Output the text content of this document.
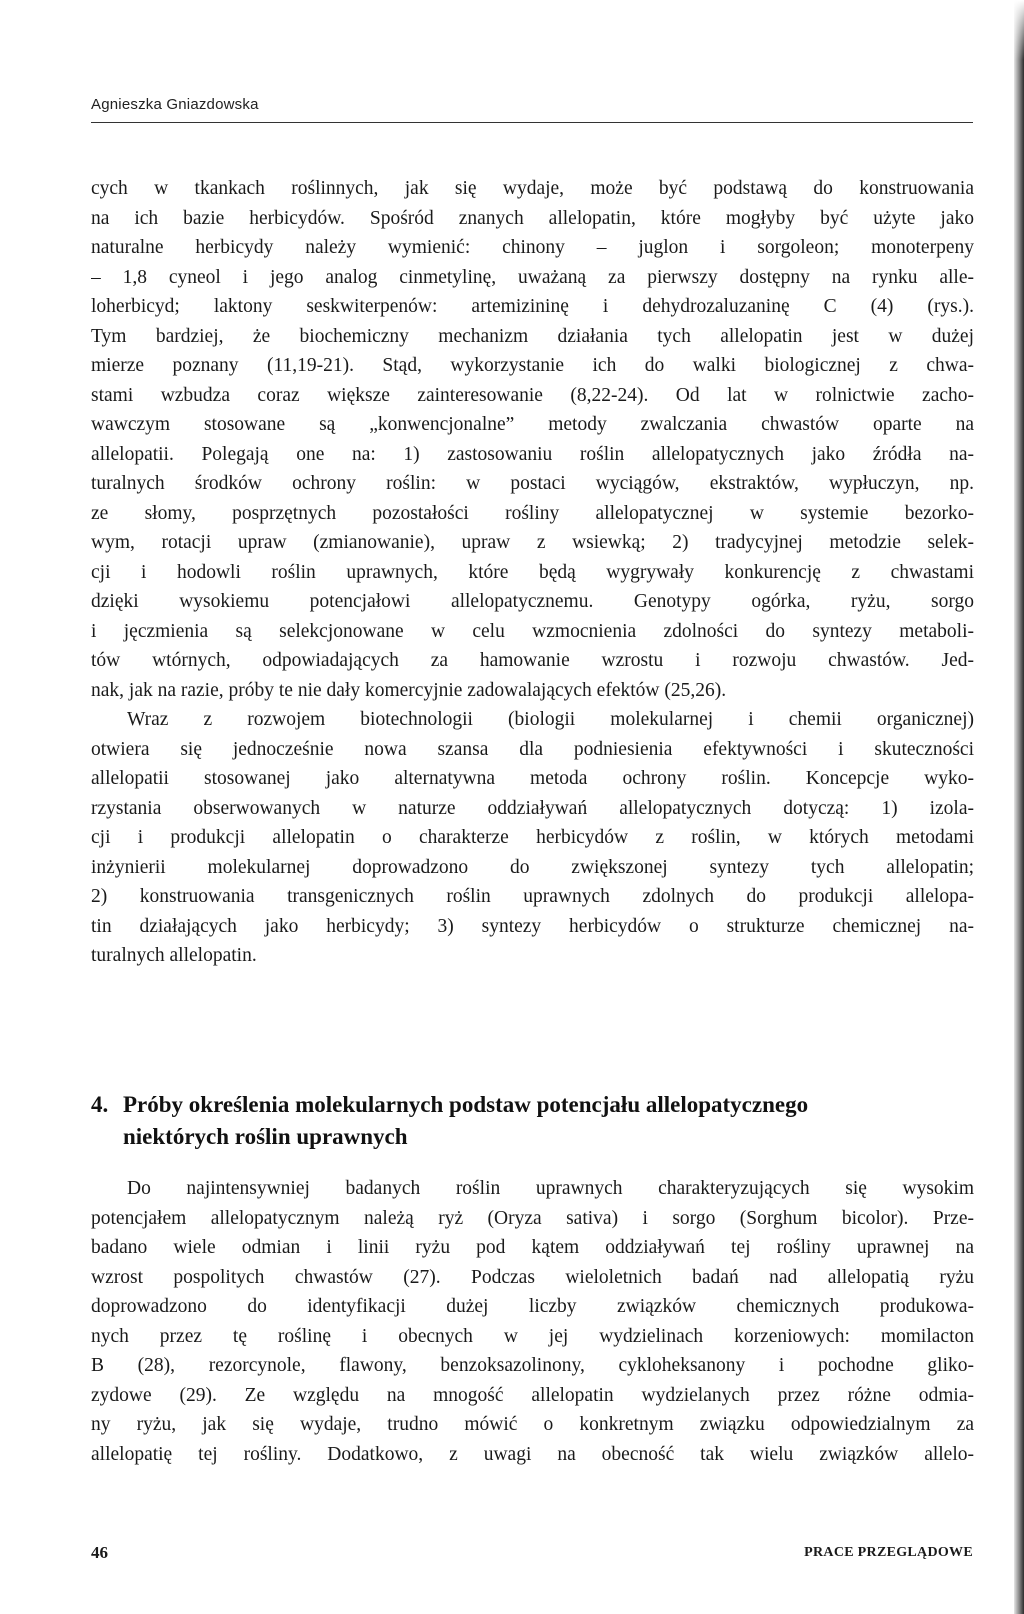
Agnieszka Gniazdowska
cych w tkankach roślinnych, jak się wydaje, może być podstawą do konstruowania
na ich bazie herbicydów. Spośród znanych allelopatin, które mogłyby być użyte jako
naturalne herbicydy należy wymienić: chinony – juglon i sorgoleon; monoterpeny
– 1,8 cyneol i jego analog cinmetylinę, uważaną za pierwszy dostępny na rynku alle-
loherbicyd; laktony seskwiterpenów: artemizininę i dehydrozaluzaninę C (4) (rys.).
Tym bardziej, że biochemiczny mechanizm działania tych allelopatin jest w dużej
mierze poznany (11,19-21). Stąd, wykorzystanie ich do walki biologicznej z chwa-
stami wzbudza coraz większe zainteresowanie (8,22-24). Od lat w rolnictwie zacho-
wawczym stosowane są „konwencjonalne” metody zwalczania chwastów oparte na
allelopatii. Polegają one na: 1) zastosowaniu roślin allelopatycznych jako źródła na-
turalnych środków ochrony roślin: w postaci wyciągów, ekstraktów, wypłuczyn, np.
ze słomy, posprzętnych pozostałości rośliny allelopatycznej w systemie bezorko-
wym, rotacji upraw (zmianowanie), upraw z wsiewką; 2) tradycyjnej metodzie selek-
cji i hodowli roślin uprawnych, które będą wygrywały konkurencję z chwastami
dzięki wysokiemu potencjałowi allelopatycznemu. Genotypy ogórka, ryżu, sorgo
i jęczmienia są selekcjonowane w celu wzmocnienia zdolności do syntezy metaboli-
tów wtórnych, odpowiadających za hamowanie wzrostu i rozwoju chwastów. Jed-
nak, jak na razie, próby te nie dały komercyjnie zadowalających efektów (25,26).
Wraz z rozwojem biotechnologii (biologii molekularnej i chemii organicznej)
otwiera się jednocześnie nowa szansa dla podniesienia efektywności i skuteczności
allelopatii stosowanej jako alternatywna metoda ochrony roślin. Koncepcje wyko-
rzystania obserwowanych w naturze oddziaływań allelopatycznych dotyczą: 1) izola-
cji i produkcji allelopatin o charakterze herbicydów z roślin, w których metodami
inżynierii molekularnej doprowadzono do zwiększonej syntezy tych allelopatin;
2) konstruowania transgenicznych roślin uprawnych zdolnych do produkcji allelopa-
tin działających jako herbicydy; 3) syntezy herbicydów o strukturze chemicznej na-
turalnych allelopatin.
4. Próby określenia molekularnych podstaw potencjału allelopatycznego
niektórych roślin uprawnych
Do najintensywniej badanych roślin uprawnych charakteryzujących się wysokim
potencjałem allelopatycznym należą ryż (Oryza sativa) i sorgo (Sorghum bicolor). Prze-
badano wiele odmian i linii ryżu pod kątem oddziaływań tej rośliny uprawnej na
wzrost pospolitych chwastów (27). Podczas wieloletnich badań nad allelopatią ryżu
doprowadzono do identyfikacji dużej liczby związków chemicznych produkowa-
nych przez tę roślinę i obecnych w jej wydzielinach korzeniowych: momilacton
B (28), rezorcynole, flawony, benzoksazolinony, cykloheksanony i pochodne gliko-
zydowe (29). Ze względu na mnogość allelopatin wydzielanych przez różne odmia-
ny ryżu, jak się wydaje, trudno mówić o konkretnym związku odpowiedzialnym za
allelopatię tej rośliny. Dodatkowo, z uwagi na obecność tak wielu związków allelo-
46	PRACE PRZEGLĄDOWE
